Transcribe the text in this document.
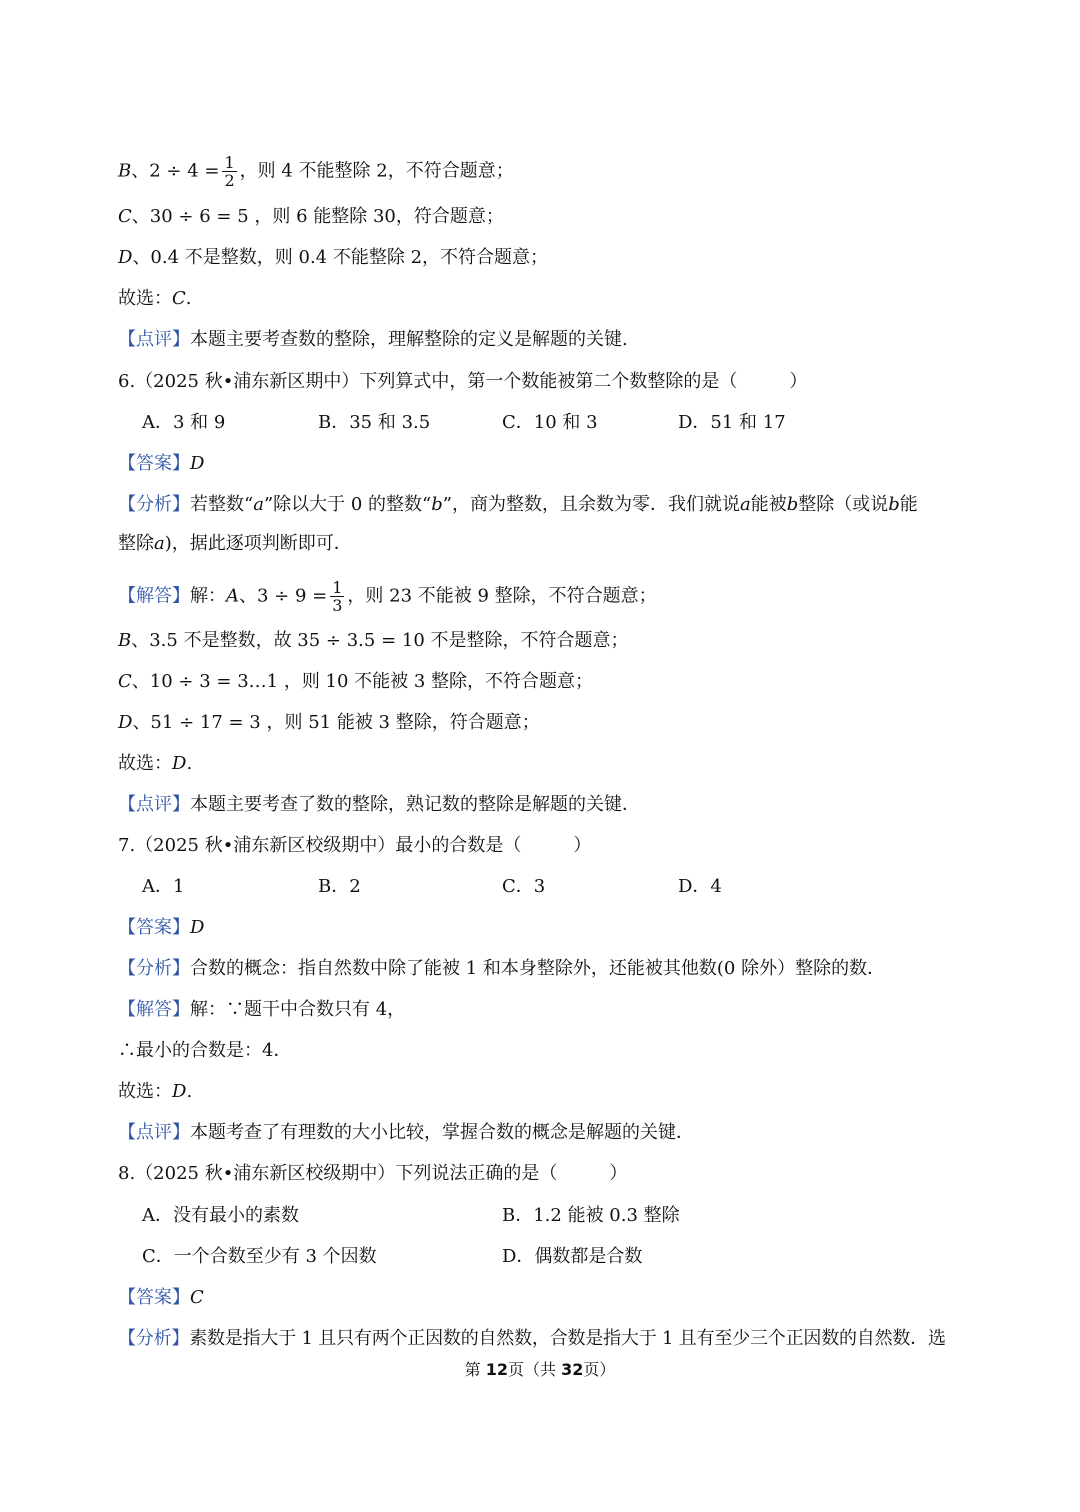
B、$2 \div 4 = \frac{1}{2}$ ，则 4 不能整除 2，不符合题意；
C、30 ÷ 6 = 5 ，则 6 能整除 30，符合题意；
D、0.4 不是整数，则 0.4 不能整除 2，不符合题意；
故选：C.
【点评】本题主要考查数的整除，理解整除的定义是解题的关键.
6.（2025 秋•浦东新区期中）下列算式中，第一个数能被第二个数整除的是（	）
A．3 和 9	B．35 和 3.5	C．10 和 3	D．51 和 17
【答案】D
【分析】若整数“a”除以大于 0 的整数“b”，商为整数，且余数为零．我们就说a能被b整除（或说b能
整除a)，据此逐项判断即可．
【解答】解：A、$3 \div 9 = \frac{1}{3}$ ，则 23 不能被 9 整除，不符合题意；
B、3.5 不是整数，故 35 ÷ 3.5 = 10 不是整除，不符合题意；
C、10 ÷ 3 = 3…1 ，则 10 不能被 3 整除，不符合题意；
D、51 ÷ 17 = 3 ，则 51 能被 3 整除，符合题意；
故选：D.
【点评】本题主要考查了数的整除，熟记数的整除是解题的关键．
7.（2025 秋•浦东新区校级期中）最小的合数是（	）
A．1	B．2	C．3	D．4
【答案】D
【分析】合数的概念：指自然数中除了能被 1 和本身整除外，还能被其他数(0 除外）整除的数．
【解答】解：∵题干中合数只有 4，
∴最小的合数是：4．
故选：D.
【点评】本题考查了有理数的大小比较，掌握合数的概念是解题的关键．
8.（2025 秋•浦东新区校级期中）下列说法正确的是（	）
A．没有最小的素数	B．1.2 能被 0.3 整除
C．一个合数至少有 3 个因数	D．偶数都是合数
【答案】C
【分析】素数是指大于 1 且只有两个正因数的自然数，合数是指大于 1 且有至少三个正因数的自然数．选
第 12页（共 32页）
